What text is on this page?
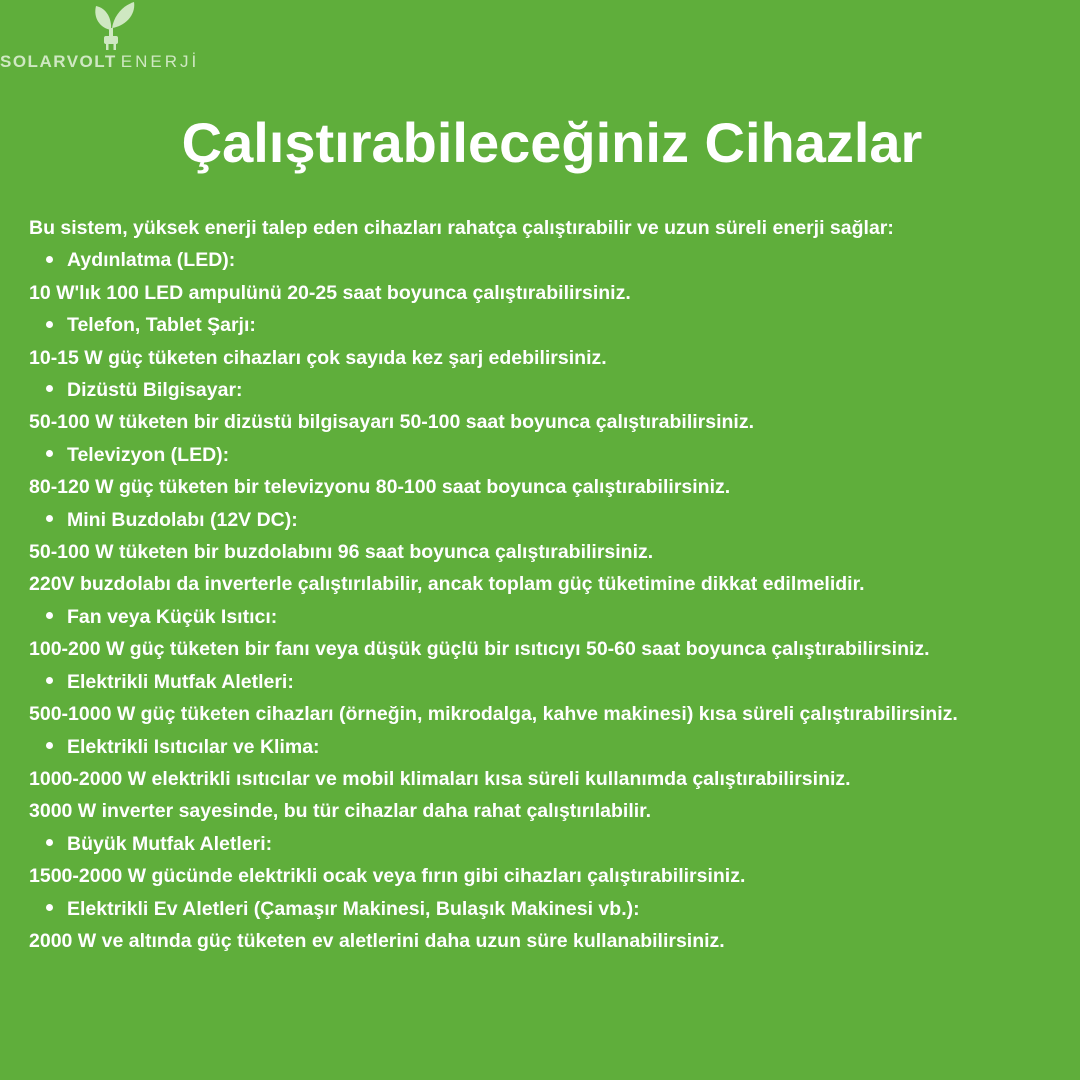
SOLARVOLT ENERJİ
Çalıştırabileceğiniz Cihazlar

Bu sistem, yüksek enerji talep eden cihazları rahatça çalıştırabilir ve uzun süreli enerji sağlar:

Aydınlatma (LED):

10 W'lık 100 LED ampulünü 20-25 saat boyunca çalıştırabilirsiniz.

Telefon, Tablet Şarjı:

10-15 W güç tüketen cihazları çok sayıda kez şarj edebilirsiniz.

Dizüstü Bilgisayar:

50-100 W tüketen bir dizüstü bilgisayarı 50-100 saat boyunca çalıştırabilirsiniz.

Televizyon (LED):

80-120 W güç tüketen bir televizyonu 80-100 saat boyunca çalıştırabilirsiniz.

Mini Buzdolabı (12V DC):

50-100 W tüketen bir buzdolabını 96 saat boyunca çalıştırabilirsiniz.

220V buzdolabı da inverterle çalıştırılabilir, ancak toplam güç tüketimine dikkat edilmelidir.

Fan veya Küçük Isıtıcı:

100-200 W güç tüketen bir fanı veya düşük güçlü bir ısıtıcıyı 50-60 saat boyunca çalıştırabilirsiniz.

Elektrikli Mutfak Aletleri:

500-1000 W güç tüketen cihazları (örneğin, mikrodalga, kahve makinesi) kısa süreli çalıştırabilirsiniz.

Elektrikli Isıtıcılar ve Klima:

1000-2000 W elektrikli ısıtıcılar ve mobil klimaları kısa süreli kullanımda çalıştırabilirsiniz.

3000 W inverter sayesinde, bu tür cihazlar daha rahat çalıştırılabilir.

Büyük Mutfak Aletleri:

1500-2000 W gücünde elektrikli ocak veya fırın gibi cihazları çalıştırabilirsiniz.

Elektrikli Ev Aletleri (Çamaşır Makinesi, Bulaşık Makinesi vb.):

2000 W ve altında güç tüketen ev aletlerini daha uzun süre kullanabilirsiniz.
